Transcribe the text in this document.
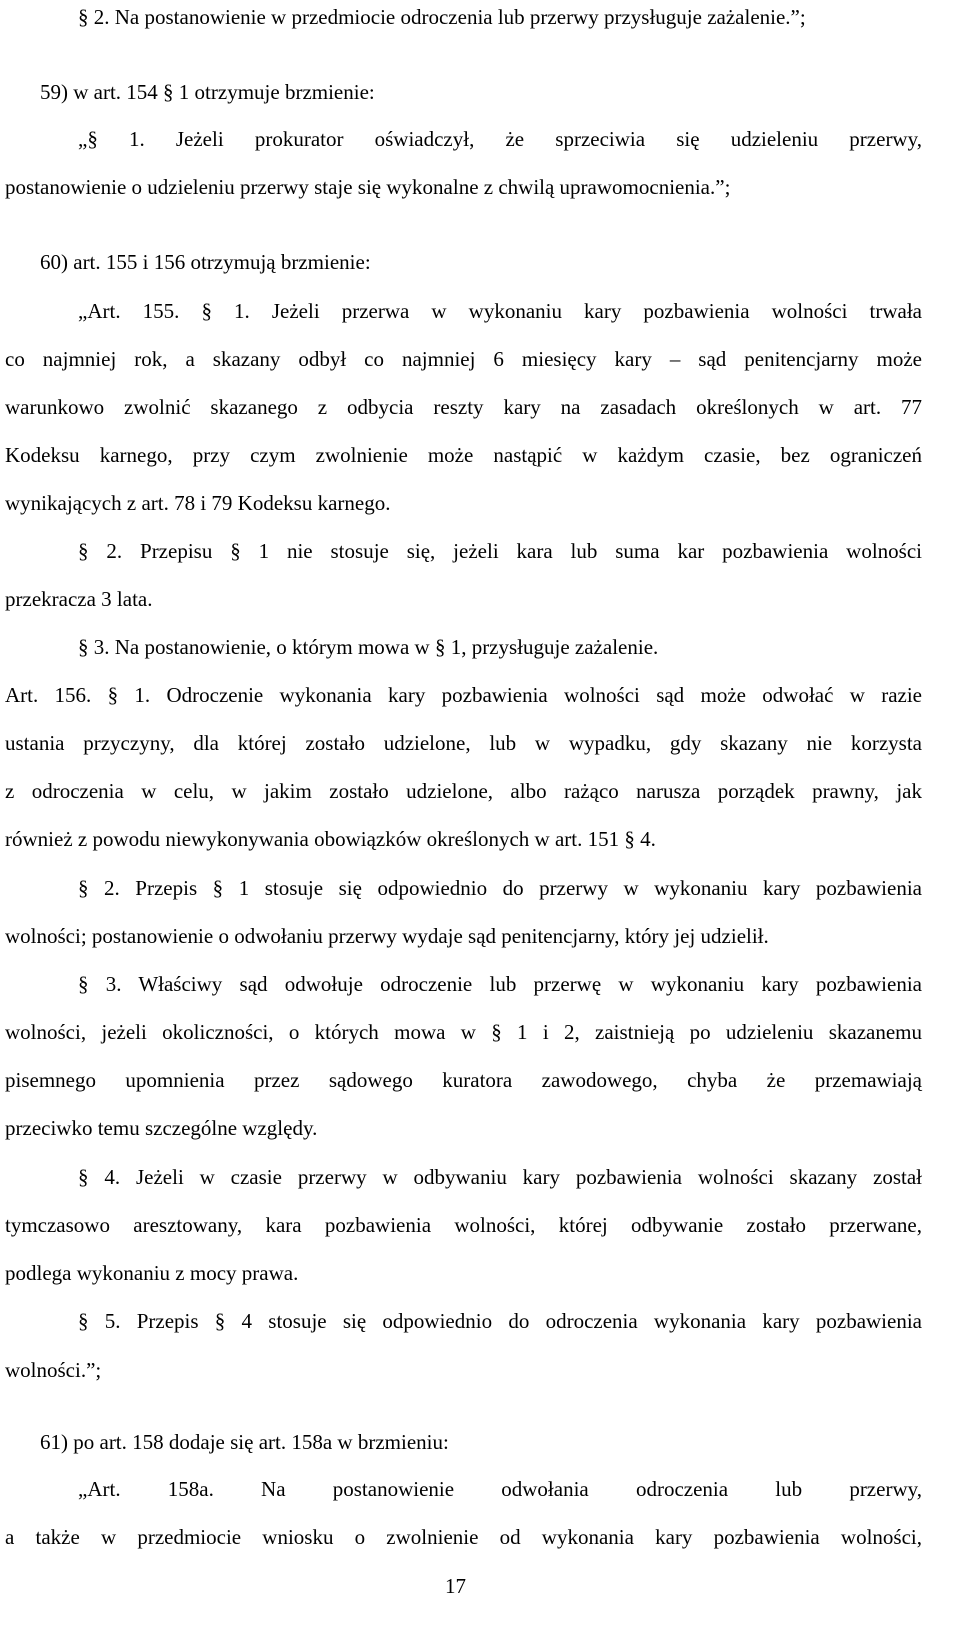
§ 2. Na postanowienie w przedmiocie odroczenia lub przerwy przysługuje zażalenie.”;
59) w art. 154 § 1 otrzymuje brzmienie:
„§ 1. Jeżeli prokurator oświadczył, że sprzeciwia się udzieleniu przerwy,
postanowienie o udzieleniu przerwy staje się wykonalne z chwilą uprawomocnienia.”;
60) art. 155 i 156 otrzymują brzmienie:
„Art. 155. § 1. Jeżeli przerwa w wykonaniu kary pozbawienia wolności trwała
co najmniej rok, a skazany odbył co najmniej 6 miesięcy kary – sąd penitencjarny może
warunkowo zwolnić skazanego z odbycia reszty kary na zasadach określonych w art. 77
Kodeksu karnego, przy czym zwolnienie może nastąpić w każdym czasie, bez ograniczeń
wynikających z art. 78 i 79 Kodeksu karnego.
§ 2. Przepisu § 1 nie stosuje się, jeżeli kara lub suma kar pozbawienia wolności
przekracza 3 lata.
§ 3. Na postanowienie, o którym mowa w § 1, przysługuje zażalenie.
Art. 156. § 1. Odroczenie wykonania kary pozbawienia wolności sąd może odwołać w razie
ustania przyczyny, dla której zostało udzielone, lub w wypadku, gdy skazany nie korzysta
z odroczenia w celu, w jakim zostało udzielone, albo rażąco narusza porządek prawny, jak
również z powodu niewykonywania obowiązków określonych w art. 151 § 4.
§ 2. Przepis § 1 stosuje się odpowiednio do przerwy w wykonaniu kary pozbawienia
wolności; postanowienie o odwołaniu przerwy wydaje sąd penitencjarny, który jej udzielił.
§ 3. Właściwy sąd odwołuje odroczenie lub przerwę w wykonaniu kary pozbawienia
wolności, jeżeli okoliczności, o których mowa w § 1 i 2, zaistnieją po udzieleniu skazanemu
pisemnego upomnienia przez sądowego kuratora zawodowego, chyba że przemawiają
przeciwko temu szczególne względy.
§ 4. Jeżeli w czasie przerwy w odbywaniu kary pozbawienia wolności skazany został
tymczasowo aresztowany, kara pozbawienia wolności, której odbywanie zostało przerwane,
podlega wykonaniu z mocy prawa.
§ 5. Przepis § 4 stosuje się odpowiednio do odroczenia wykonania kary pozbawienia
wolności.”;
61) po art. 158 dodaje się art. 158a w brzmieniu:
„Art. 158a. Na postanowienie odwołania odroczenia lub przerwy,
a także w przedmiocie wniosku o zwolnienie od wykonania kary pozbawienia wolności,
17
